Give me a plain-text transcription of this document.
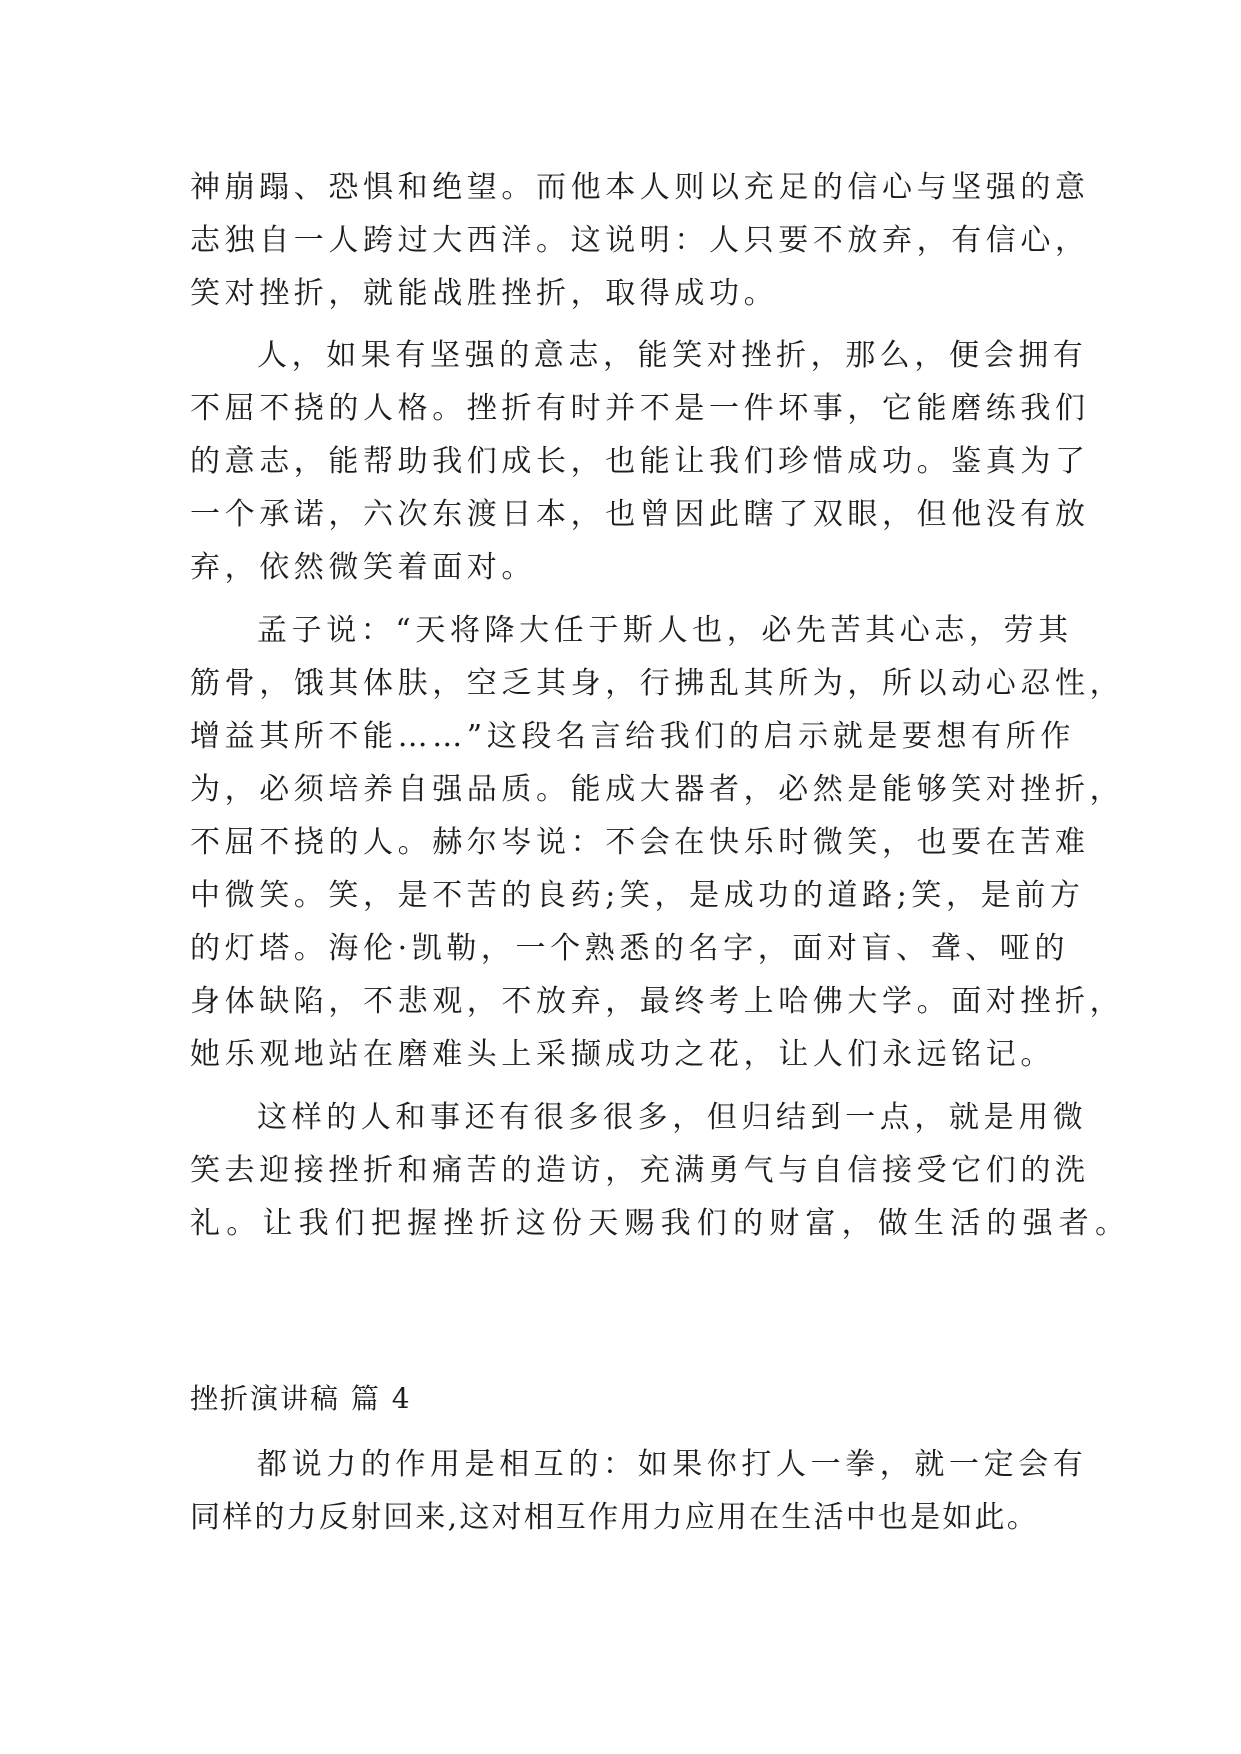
神崩蹋、恐惧和绝望。而他本人则以充足的信心与坚强的意

志独自一人跨过大西洋。这说明：人只要不放弃，有信心，

笑对挫折，就能战胜挫折，取得成功。

人，如果有坚强的意志，能笑对挫折，那么，便会拥有

不屈不挠的人格。挫折有时并不是一件坏事，它能磨练我们

的意志，能帮助我们成长，也能让我们珍惜成功。鉴真为了

一个承诺，六次东渡日本，也曾因此瞎了双眼，但他没有放

弃，依然微笑着面对。

孟子说：“天将降大任于斯人也，必先苦其心志，劳其

筋骨，饿其体肤，空乏其身，行拂乱其所为，所以动心忍性，

增益其所不能……”这段名言给我们的启示就是要想有所作

为，必须培养自强品质。能成大器者，必然是能够笑对挫折，

不屈不挠的人。赫尔岑说：不会在快乐时微笑，也要在苦难

中微笑。笑，是不苦的良药;笑，是成功的道路;笑，是前方

的灯塔。海伦·凯勒，一个熟悉的名字，面对盲、聋、哑的

身体缺陷，不悲观，不放弃，最终考上哈佛大学。面对挫折，

她乐观地站在磨难头上采撷成功之花，让人们永远铭记。

这样的人和事还有很多很多，但归结到一点，就是用微

笑去迎接挫折和痛苦的造访，充满勇气与自信接受它们的洗

礼。让我们把握挫折这份天赐我们的财富，做生活的强者。

挫折演讲稿 篇 4

都说力的作用是相互的：如果你打人一拳，就一定会有

同样的力反射回来,这对相互作用力应用在生活中也是如此。
